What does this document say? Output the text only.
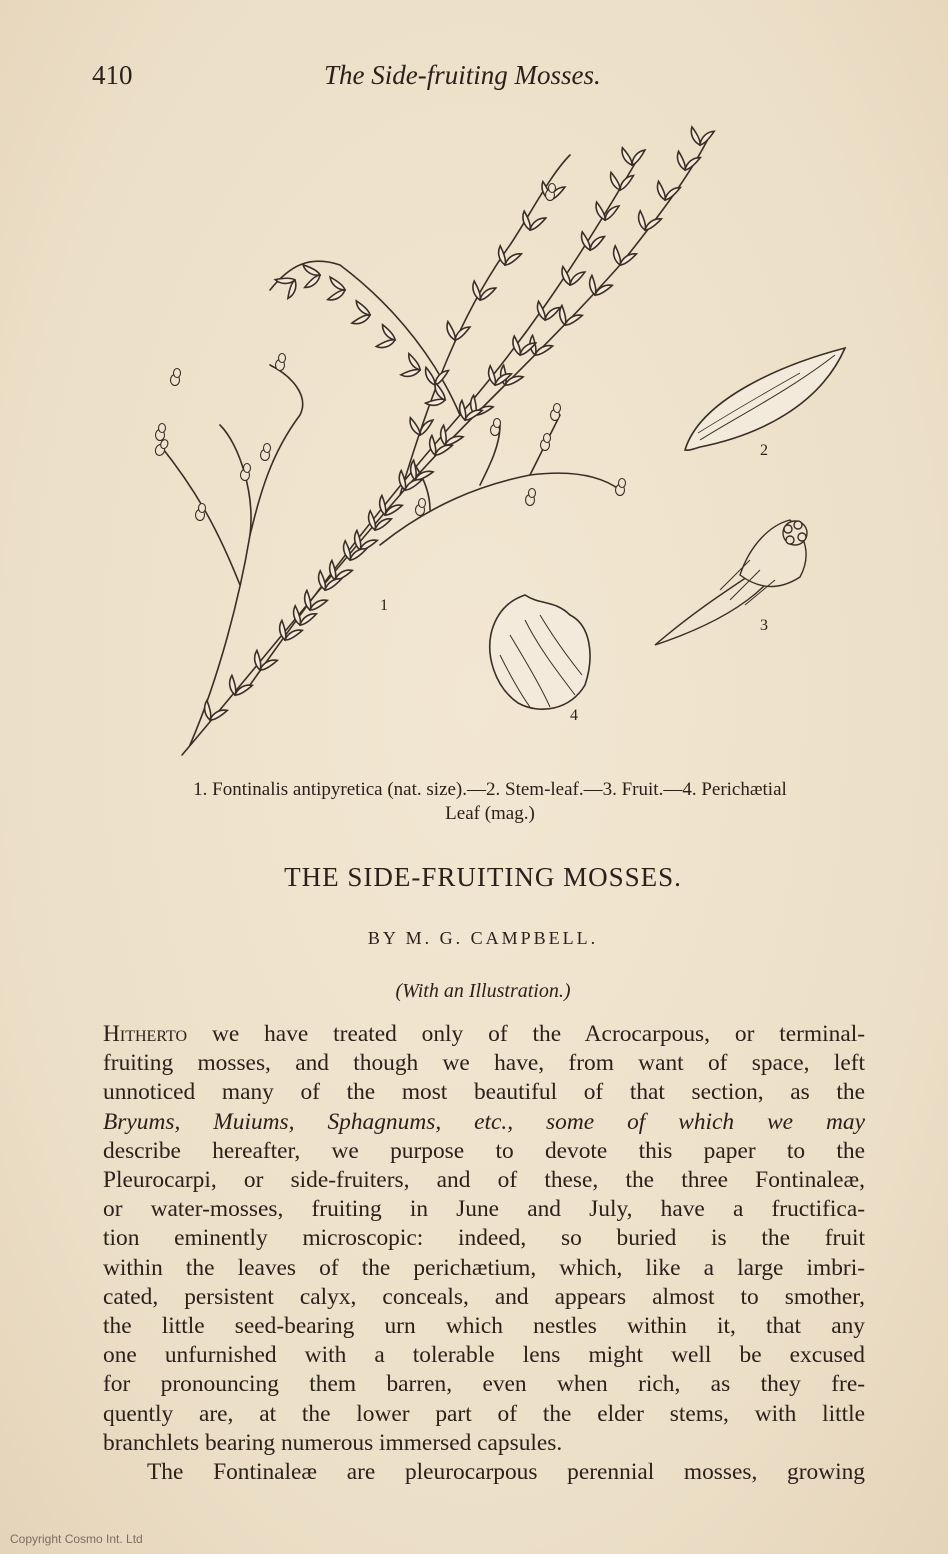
410	The Side-fruiting Mosses.
1
2
3
4
1. Fontinalis antipyretica (nat. size).—2. Stem-leaf.—3. Fruit.—4. Perichætial
Leaf (mag.)
THE SIDE-FRUITING MOSSES.
BY M. G. CAMPBELL.
(With an Illustration.)
Hitherto we have treated only of the Acrocarpous, or terminal-
fruiting mosses, and though we have, from want of space, left
unnoticed many of the most beautiful of that section, as the
Bryums, Muiums, Sphagnums, etc., some of which we may
describe hereafter, we purpose to devote this paper to the
Pleurocarpi, or side-fruiters, and of these, the three Fontinaleæ,
or water-mosses, fruiting in June and July, have a fructifica-
tion eminently microscopic: indeed, so buried is the fruit
within the leaves of the perichætium, which, like a large imbri-
cated, persistent calyx, conceals, and appears almost to smother,
the little seed-bearing urn which nestles within it, that any
one unfurnished with a tolerable lens might well be excused
for pronouncing them barren, even when rich, as they fre-
quently are, at the lower part of the elder stems, with little
branchlets bearing numerous immersed capsules.
The Fontinaleæ are pleurocarpous perennial mosses, growing
Copyright Cosmo Int. Ltd
